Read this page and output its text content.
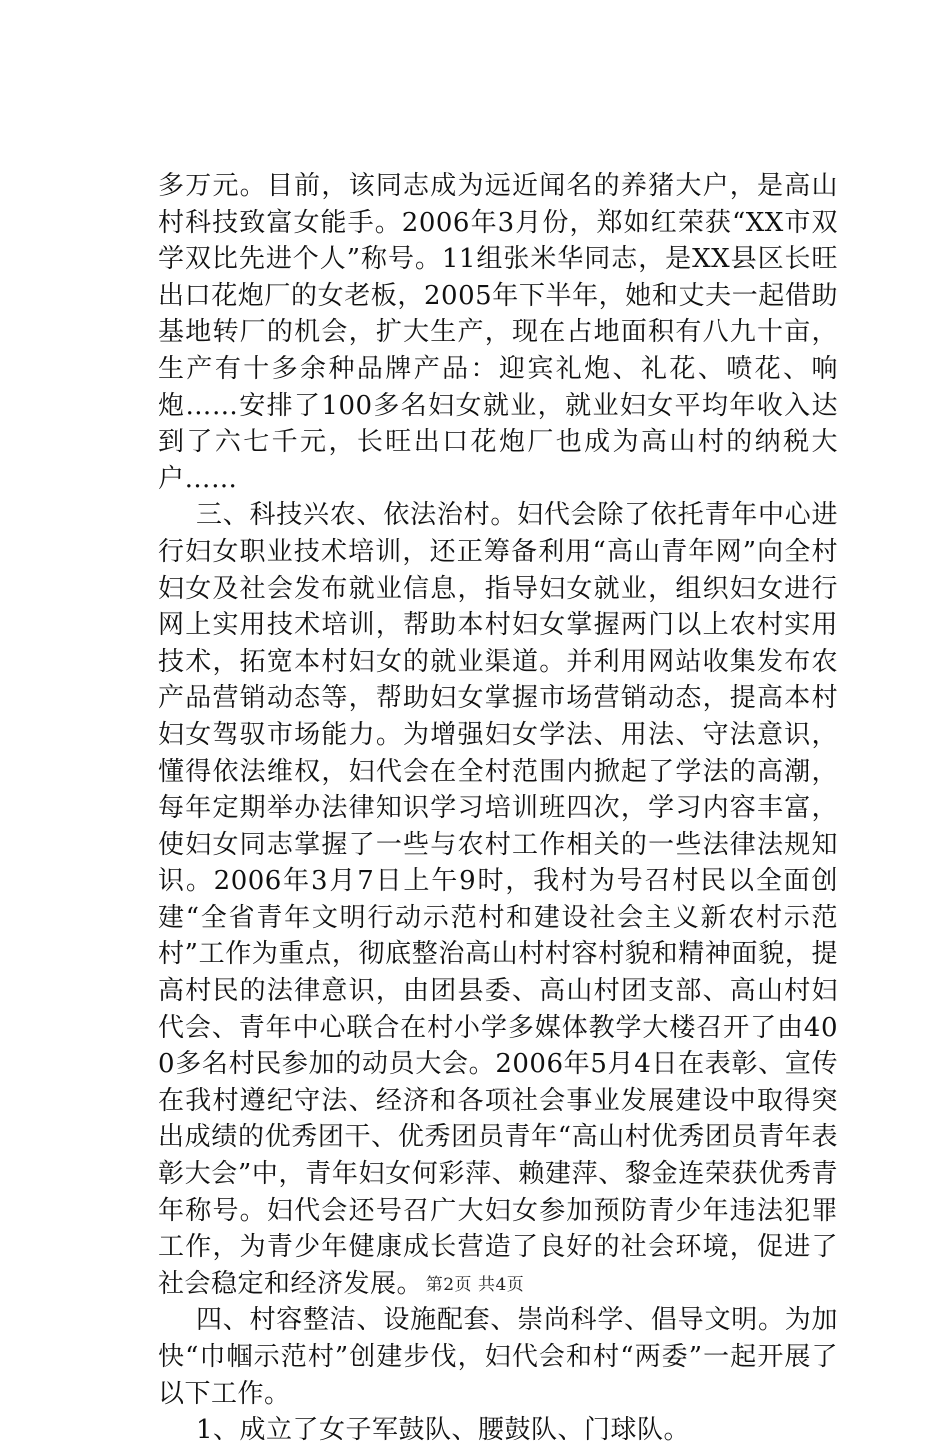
多万元。目前，该同志成为远近闻名的养猪大户，是高山村科技致富女能手。2006年3月份，郑如红荣获“XX市双学双比先进个人”称号。11组张米华同志，是XX县区长旺出口花炮厂的女老板，2005年下半年，她和丈夫一起借助基地转厂的机会，扩大生产，现在占地面积有八九十亩，生产有十多余种品牌产品：迎宾礼炮、礼花、喷花、响炮……安排了100多名妇女就业，就业妇女平均年收入达到了六七千元，长旺出口花炮厂也成为高山村的纳税大户……

三、科技兴农、依法治村。妇代会除了依托青年中心进行妇女职业技术培训，还正筹备利用“高山青年网”向全村妇女及社会发布就业信息，指导妇女就业，组织妇女进行网上实用技术培训，帮助本村妇女掌握两门以上农村实用技术，拓宽本村妇女的就业渠道。并利用网站收集发布农产品营销动态等，帮助妇女掌握市场营销动态，提高本村妇女驾驭市场能力。为增强妇女学法、用法、守法意识，懂得依法维权，妇代会在全村范围内掀起了学法的高潮，每年定期举办法律知识学习培训班四次，学习内容丰富，使妇女同志掌握了一些与农村工作相关的一些法律法规知识。2006年3月7日上午9时，我村为号召村民以全面创建“全省青年文明行动示范村和建设社会主义新农村示范村”工作为重点，彻底整治高山村村容村貌和精神面貌，提高村民的法律意识，由团县委、高山村团支部、高山村妇代会、青年中心联合在村小学多媒体教学大楼召开了由400多名村民参加的动员大会。2006年5月4日在表彰、宣传在我村遵纪守法、经济和各项社会事业发展建设中取得突出成绩的优秀团干、优秀团员青年“高山村优秀团员青年表彰大会”中，青年妇女何彩萍、赖建萍、黎金连荣获优秀青年称号。妇代会还号召广大妇女参加预防青少年违法犯罪工作，为青少年健康成长营造了良好的社会环境，促进了社会稳定和经济发展。

四、村容整洁、设施配套、崇尚科学、倡导文明。为加快“巾帼示范村”创建步伐，妇代会和村“两委”一起开展了以下工作。

1、成立了女子军鼓队、腰鼓队、门球队。

第2页 共4页
